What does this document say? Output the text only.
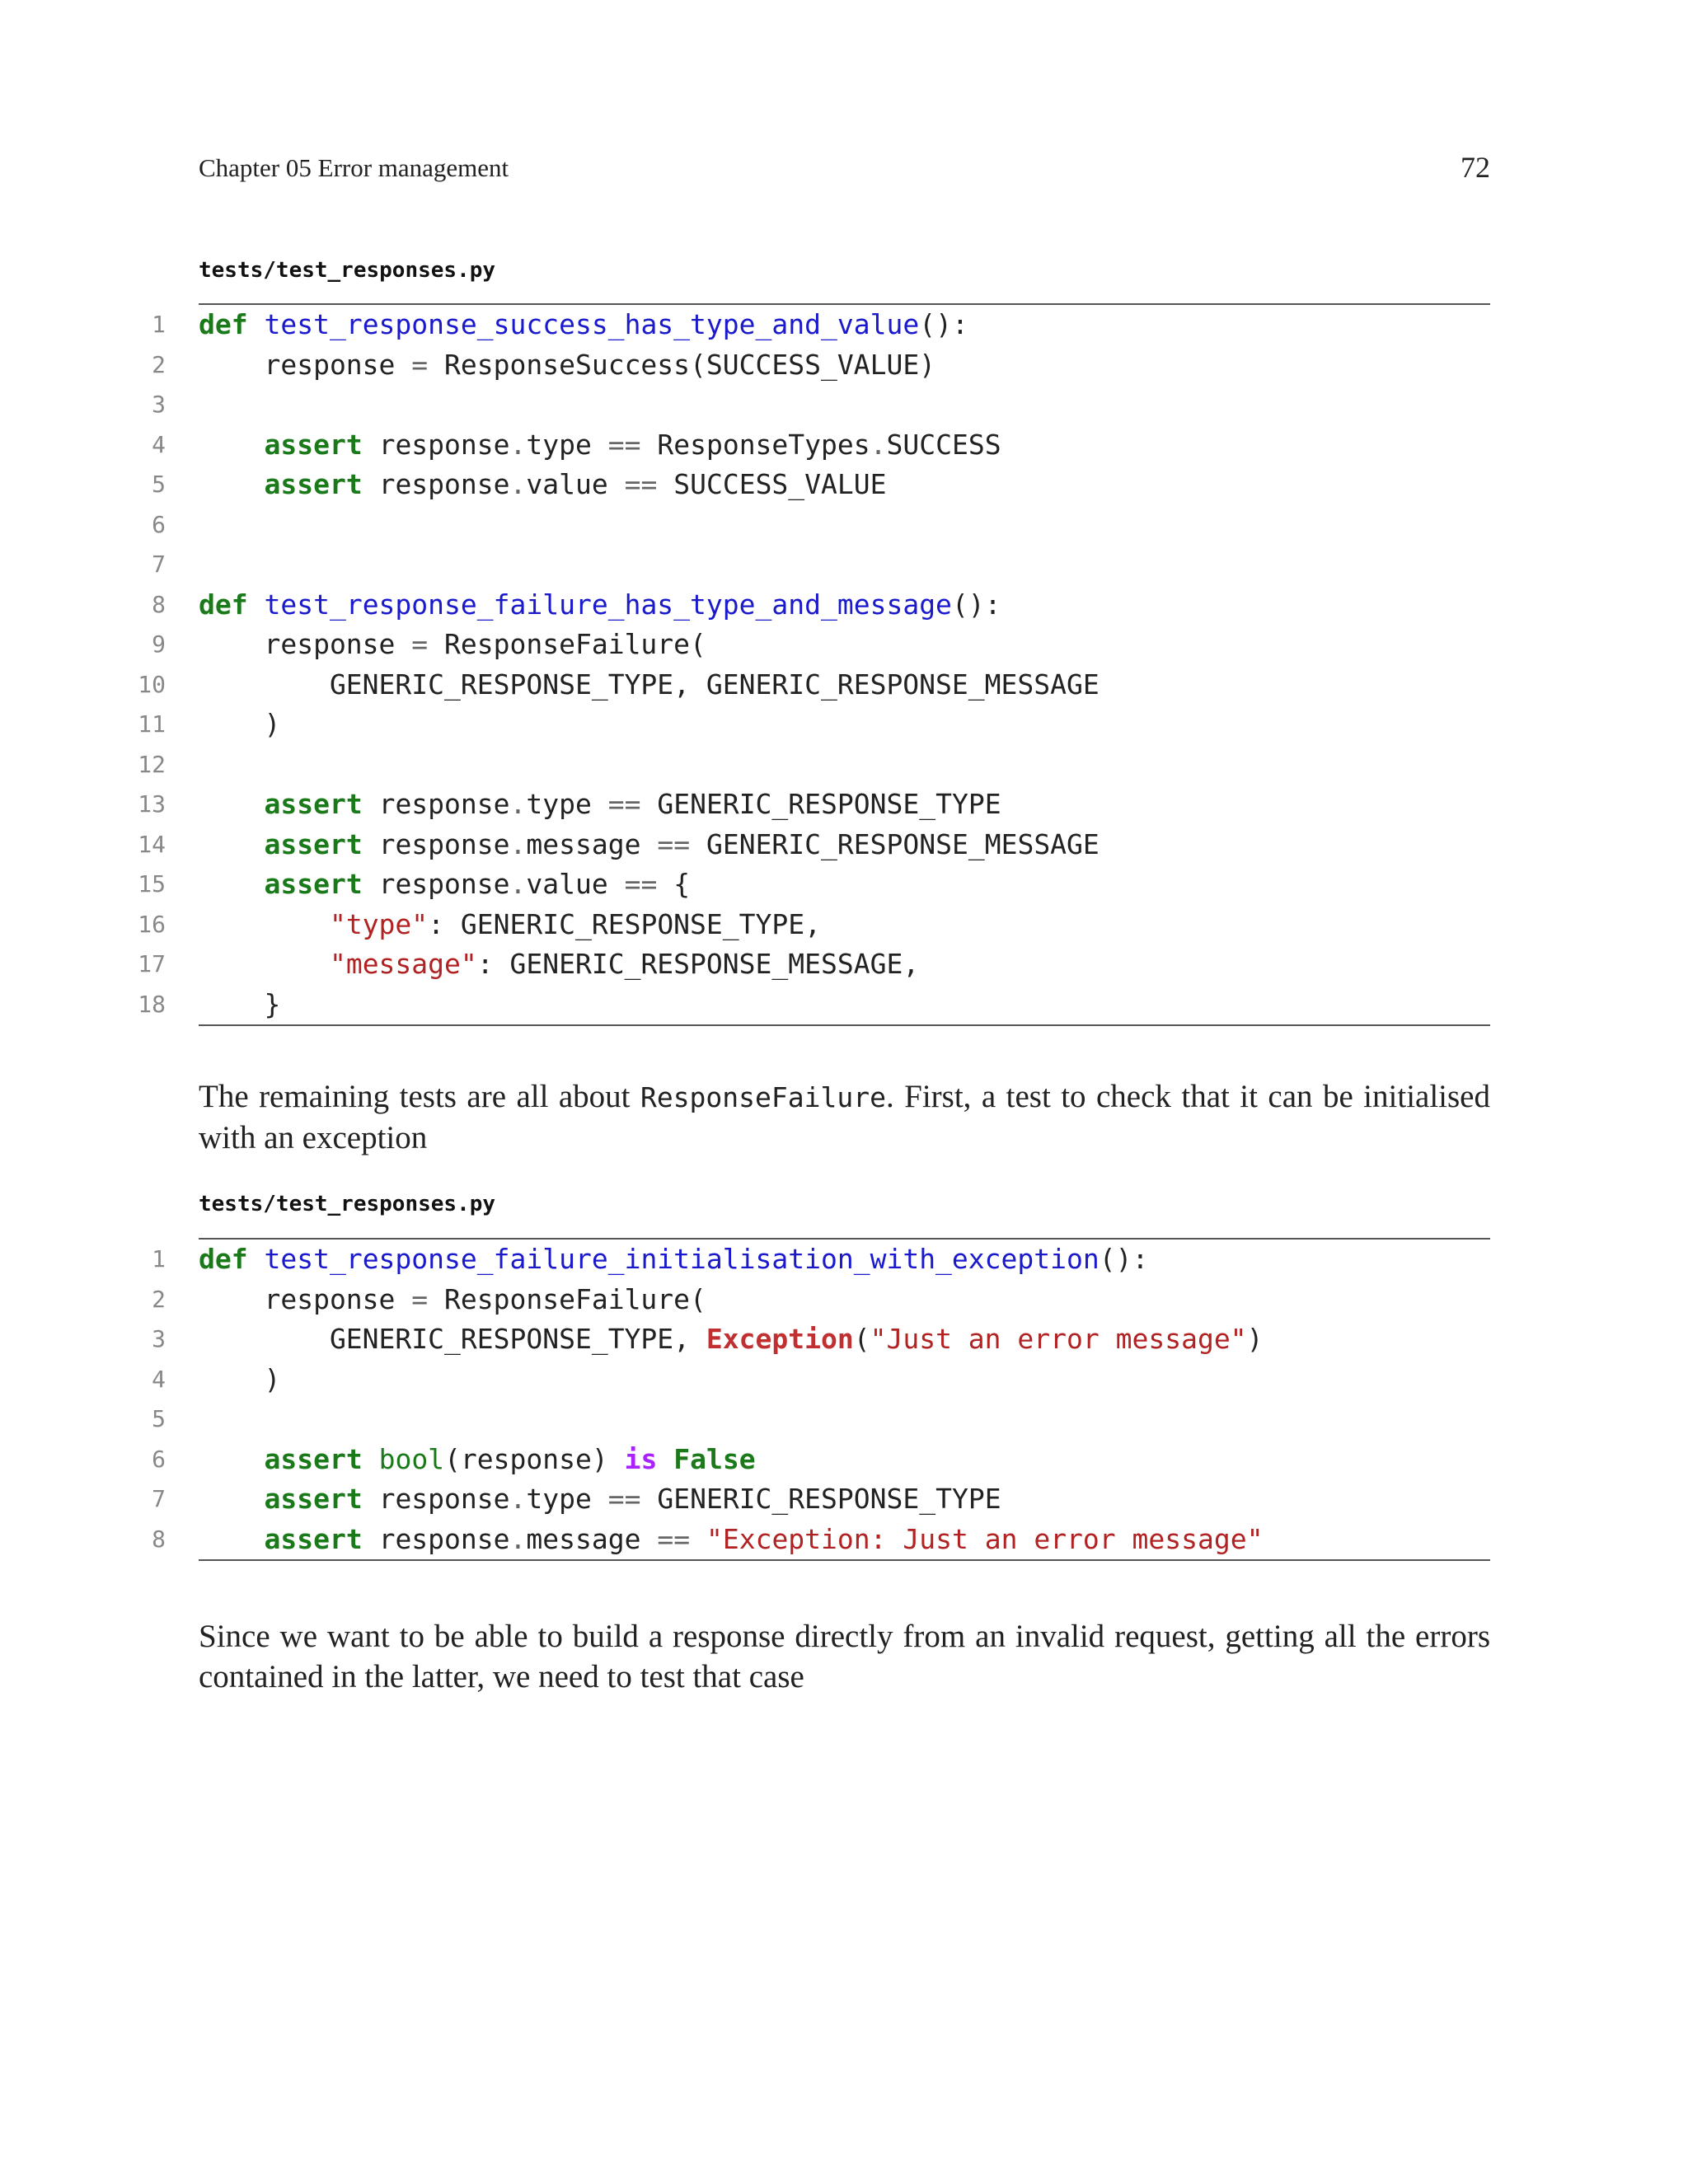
Chapter 05 Error management	72
tests/test_responses.py
1 def test_response_success_has_type_and_value():
2 response = ResponseSuccess(SUCCESS_VALUE)
3
4	assert response.type == ResponseTypes.SUCCESS
5	assert response.value == SUCCESS_VALUE
6
7
8 def test_response_failure_has_type_and_message():
9 response = ResponseFailure(
10 GENERIC_RESPONSE_TYPE, GENERIC_RESPONSE_MESSAGE
11 )
12
13	assert response.type == GENERIC_RESPONSE_TYPE
14	assert response.message == GENERIC_RESPONSE_MESSAGE
15	assert response.value == {
16	"type": GENERIC_RESPONSE_TYPE,
17	"message": GENERIC_RESPONSE_MESSAGE,
18 }
The remaining tests are all about ResponseFailure. First, a test to check that it can be initialised with an exception
tests/test_responses.py
1 def test_response_failure_initialisation_with_exception():
2 response = ResponseFailure(
3 GENERIC_RESPONSE_TYPE, Exception("Just an error message")
4 )
5
6	assert bool(response) is False
7	assert response.type == GENERIC_RESPONSE_TYPE
8	assert response.message == "Exception: Just an error message"
Since we want to be able to build a response directly from an invalid request, getting all the errors contained in the latter, we need to test that case
